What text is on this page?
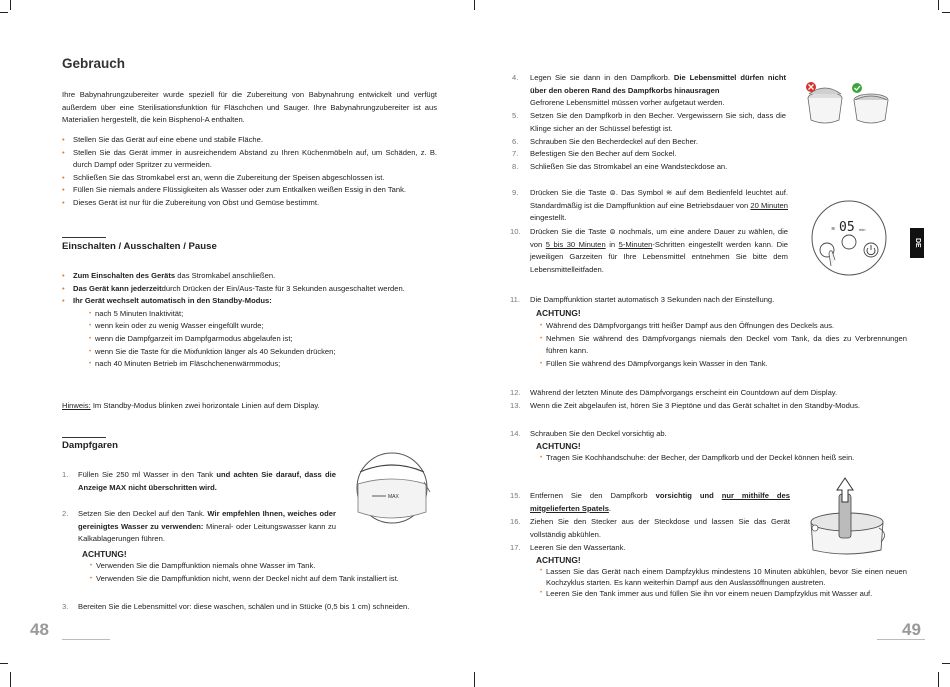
Gebrauch
Ihre Babynahrungzubereiter wurde speziell für die Zubereitung von Babynahrung entwickelt und verfügt außerdem über eine Sterilisationsfunktion für Fläschchen und Sauger. Ihre Babynahrungzubereiter ist aus Materialien hergestellt, die kein Bisphenol-A enthalten.
• Stellen Sie das Gerät auf eine ebene und stabile Fläche.
• Stellen Sie das Gerät immer in ausreichendem Abstand zu Ihren Küchenmöbeln auf, um Schäden, z. B. durch Dampf oder Spritzer zu vermeiden.
• Schließen Sie das Stromkabel erst an, wenn die Zubereitung der Speisen abgeschlossen ist.
• Füllen Sie niemals andere Flüssigkeiten als Wasser oder zum Entkalken weißen Essig in den Tank.
• Dieses Gerät ist nur für die Zubereitung von Obst und Gemüse bestimmt.
Einschalten / Ausschalten / Pause
• Zum Einschalten des Geräts das Stromkabel anschließen.
• Das Gerät kann jederzeitdurch Drücken der Ein/Aus-Taste für 3 Sekunden ausgeschaltet werden.
• Ihr Gerät wechselt automatisch in den Standby-Modus:
• nach 5 Minuten Inaktivität;
• wenn kein oder zu wenig Wasser eingefüllt wurde;
• wenn die Dampfgarzeit im Dampfgarmodus abgelaufen ist;
• wenn Sie die Taste für die Mixfunktion länger als 40 Sekunden drücken;
• nach 40 Minuten Betrieb im Fläschchenenwärmmodus;
Hinweis: Im Standby-Modus blinken zwei horizontale Linien auf dem Display.
Dampfgaren
1. Füllen Sie 250 ml Wasser in den Tank und achten Sie darauf, dass die Anzeige MAX nicht überschritten wird.
MAX
2. Setzen Sie den Deckel auf den Tank. Wir empfehlen Ihnen, weiches oder gereinigtes Wasser zu verwenden: Mineral- oder Leitungswasser kann zu Kalkablagerungen führen.
ACHTUNG!
• Verwenden Sie die Dampffunktion niemals ohne Wasser im Tank.
• Verwenden Sie die Dampffunktion nicht, wenn der Deckel nicht auf dem Tank installiert ist.
3. Bereiten Sie die Lebensmittel vor: diese waschen, schälen und in Stücke (0,5 bis 1 cm) schneiden.
48
4. Legen Sie sie dann in den Dampfkorb. Die Lebensmittel dürfen nicht über den oberen Rand des Dampfkorbs hinausragen
Gefrorene Lebensmittel müssen vorher aufgetaut werden.
5. Setzen Sie den Dampfkorb in den Becher. Vergewissern Sie sich, dass die Klinge sicher an der Schüssel befestigt ist.
6. Schrauben Sie den Becherdeckel auf den Becher.
7. Befestigen Sie den Becher auf dem Sockel.
8. Schließen Sie das Stromkabel an eine Wandsteckdose an.
9. Drücken Sie die Taste ⊜. Das Symbol ≋ auf dem Bedienfeld leuchtet auf. Standardmäßig ist die Dampffunktion auf eine Betriebsdauer von 20 Minuten eingestellt.
10. Drücken Sie die Taste ⊜ nochmals, um eine andere Dauer zu wählen, die von 5 bis 30 Minuten in 5-Minuten-Schritten eingestellt werden kann. Die jeweiligen Garzeiten für Ihre Lebensmittel entnehmen Sie bitte dem Lebensmittelleitfaden.
≋ 05 min
11. Die Dampffunktion startet automatisch 3 Sekunden nach der Einstellung.
ACHTUNG!
• Während des Dämpfvorgangs tritt heißer Dampf aus den Öffnungen des Deckels aus.
• Nehmen Sie während des Dämpfvorgangs niemals den Deckel vom Tank, da dies zu Verbrennungen führen kann.
• Füllen Sie während des Dämpfvorgangs kein Wasser in den Tank.
12. Während der letzten Minute des Dämpfvorgangs erscheint ein Countdown auf dem Display.
13. Wenn die Zeit abgelaufen ist, hören Sie 3 Pieptöne und das Gerät schaltet in den Standby-Modus.
14. Schrauben Sie den Deckel vorsichtig ab.
ACHTUNG!
• Tragen Sie Kochhandschuhe: der Becher, der Dampfkorb und der Deckel können heiß sein.
15. Entfernen Sie den Dampfkorb vorsichtig und nur mithilfe des mitgelieferten Spatels.
16. Ziehen Sie den Stecker aus der Steckdose und lassen Sie das Gerät vollständig abkühlen.
17. Leeren Sie den Wassertank.
ACHTUNG!
• Lassen Sie das Gerät nach einem Dampfzyklus mindestens 10 Minuten abkühlen, bevor Sie einen neuen Kochzyklus starten. Es kann weiterhin Dampf aus den Auslassöffnungen austreten.
• Leeren Sie den Tank immer aus und füllen Sie ihn vor einem neuen Dampfzyklus mit Wasser auf.
49
DE
